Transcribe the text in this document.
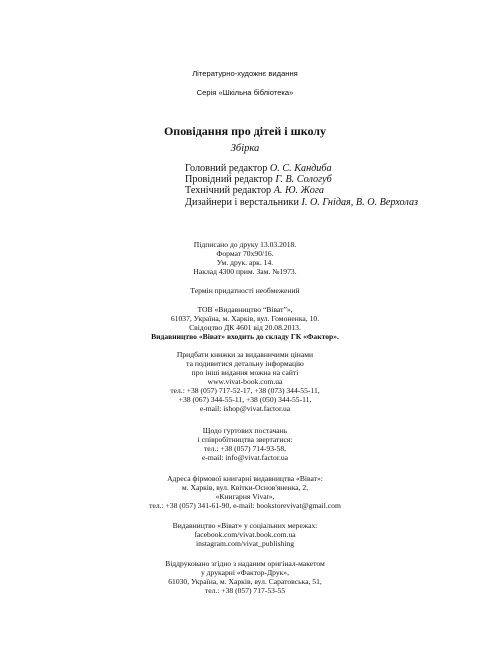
Літературно-художнє видання
Серія «Шкільна бібліотека»
Оповідання про дітей і школу
Збірка
Головний редактор О. С. Кандиба
Провідний редактор Г. В. Сологуб
Технічний редактор А. Ю. Жога
Дизайнери і верстальники І. О. Гнідая, В. О. Верхолаз
Підписано до друку 13.03.2018.
Формат 70x90/16.
Ум. друк. арк. 14.
Наклад 4300 прим. Зам. №1973.
Термін придатності необмежений
ТОВ «Видавництво “Віват”»,
61037, Україна, м. Харків, вул. Гомоненка, 10.
Свідоцтво ДК 4601 від 20.08.2013.
Видавництво «Віват» входить до складу ГК «Фактор».
Придбати книжки за видавничими цінами
та подивитися детальну інформацію
про інші видання можна на сайті
www.vivat-book.com.ua
тел.: +38 (057) 717-52-17, +38 (073) 344-55-11,
+38 (067) 344-55-11, +38 (050) 344-55-11,
e-mail: ishop@vivat.factor.ua
Щодо гуртових постачань
і співробітництва звертатися:
тел.: +38 (057) 714-93-58,
e-mail: info@vivat.factor.ua
Адреса фірмової книгарні видавництва «Віват»:
м. Харків, вул. Квітки-Основ'яненка, 2,
«Книгарня Vivat»,
тел.: +38 (057) 341-61-90, e-mail: bookstorevivat@gmail.com
Видавництво «Віват» у соціальних мережах:
facebook.com/vivat.book.com.ua
instagram.com/vivat_publishing
Віддруковано згідно з наданим оригінал-макетом
у друкарні «Фактор-Друк»,
61030, Україна, м. Харків, вул. Саратовська, 51,
тел.: +38 (057) 717-53-55
